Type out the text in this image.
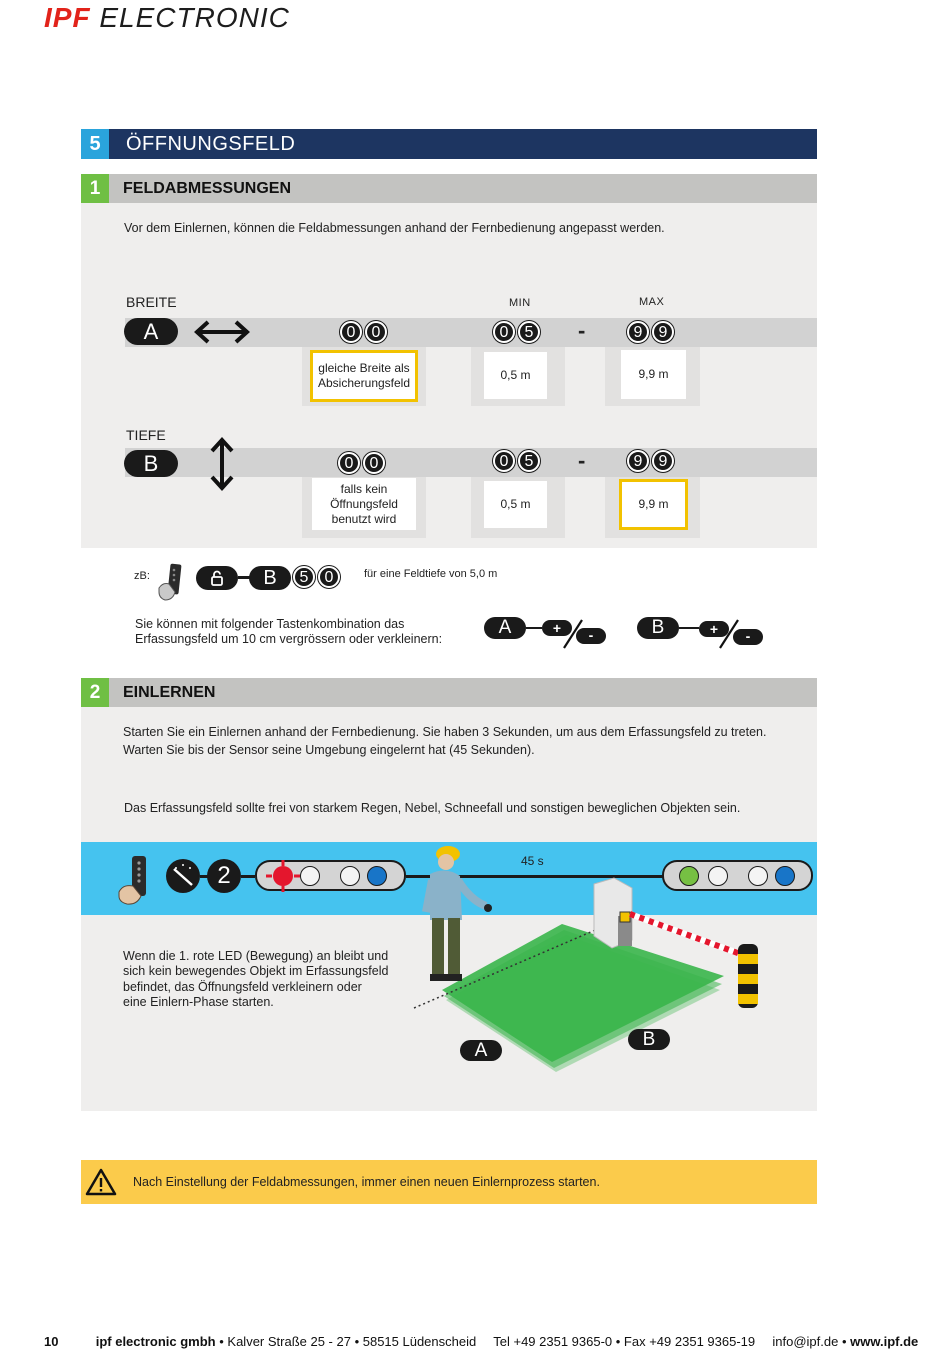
IPF ELECTRONIC
5	ÖFFNUNGSFELD
1	FELDABMESSUNGEN
Vor dem Einlernen, können die Feldabmessungen anhand der Fernbedienung angepasst werden.
BREITE	MIN	MAX
A	0	0	0	5 -	9	9
gleiche Breite als
Absicherungsfeld
0,5 m	9,9 m
TIEFE
B	0	0	0	5 -	9	9
falls kein
Öffnungsfeld
benutzt wird
0,5 m	9,9 m
zB:	B	5	0	für eine Feldtiefe von 5,0 m
Sie können mit folgender Tastenkombination das
Erfassungsfeld um 10 cm vergrössern oder verkleinern:
A	+	-	B	+	-
2	EINLERNEN
Starten Sie ein Einlernen anhand der Fernbedienung. Sie haben 3 Sekunden, um aus dem Erfassungsfeld zu treten.
Warten Sie bis der Sensor seine Umgebung eingelernt hat (45 Sekunden).
Das Erfassungsfeld sollte frei von starkem Regen, Nebel, Schneefall und sonstigen beweglichen Objekten sein.
2
45 s
Wenn die 1. rote LED (Bewegung) an bleibt und
sich kein bewegendes Objekt im Erfassungsfeld
befindet, das Öffnungsfeld verkleinern oder
eine Einlern-Phase starten.
A
B
Nach Einstellung der Feldabmessungen, immer einen neuen Einlernprozess starten.
10	ipf electronic gmbh • Kalver Straße 25 - 27 • 58515 Lüdenscheid Tel +49 2351 9365-0 • Fax +49 2351 9365-19 info@ipf.de • www.ipf.de
